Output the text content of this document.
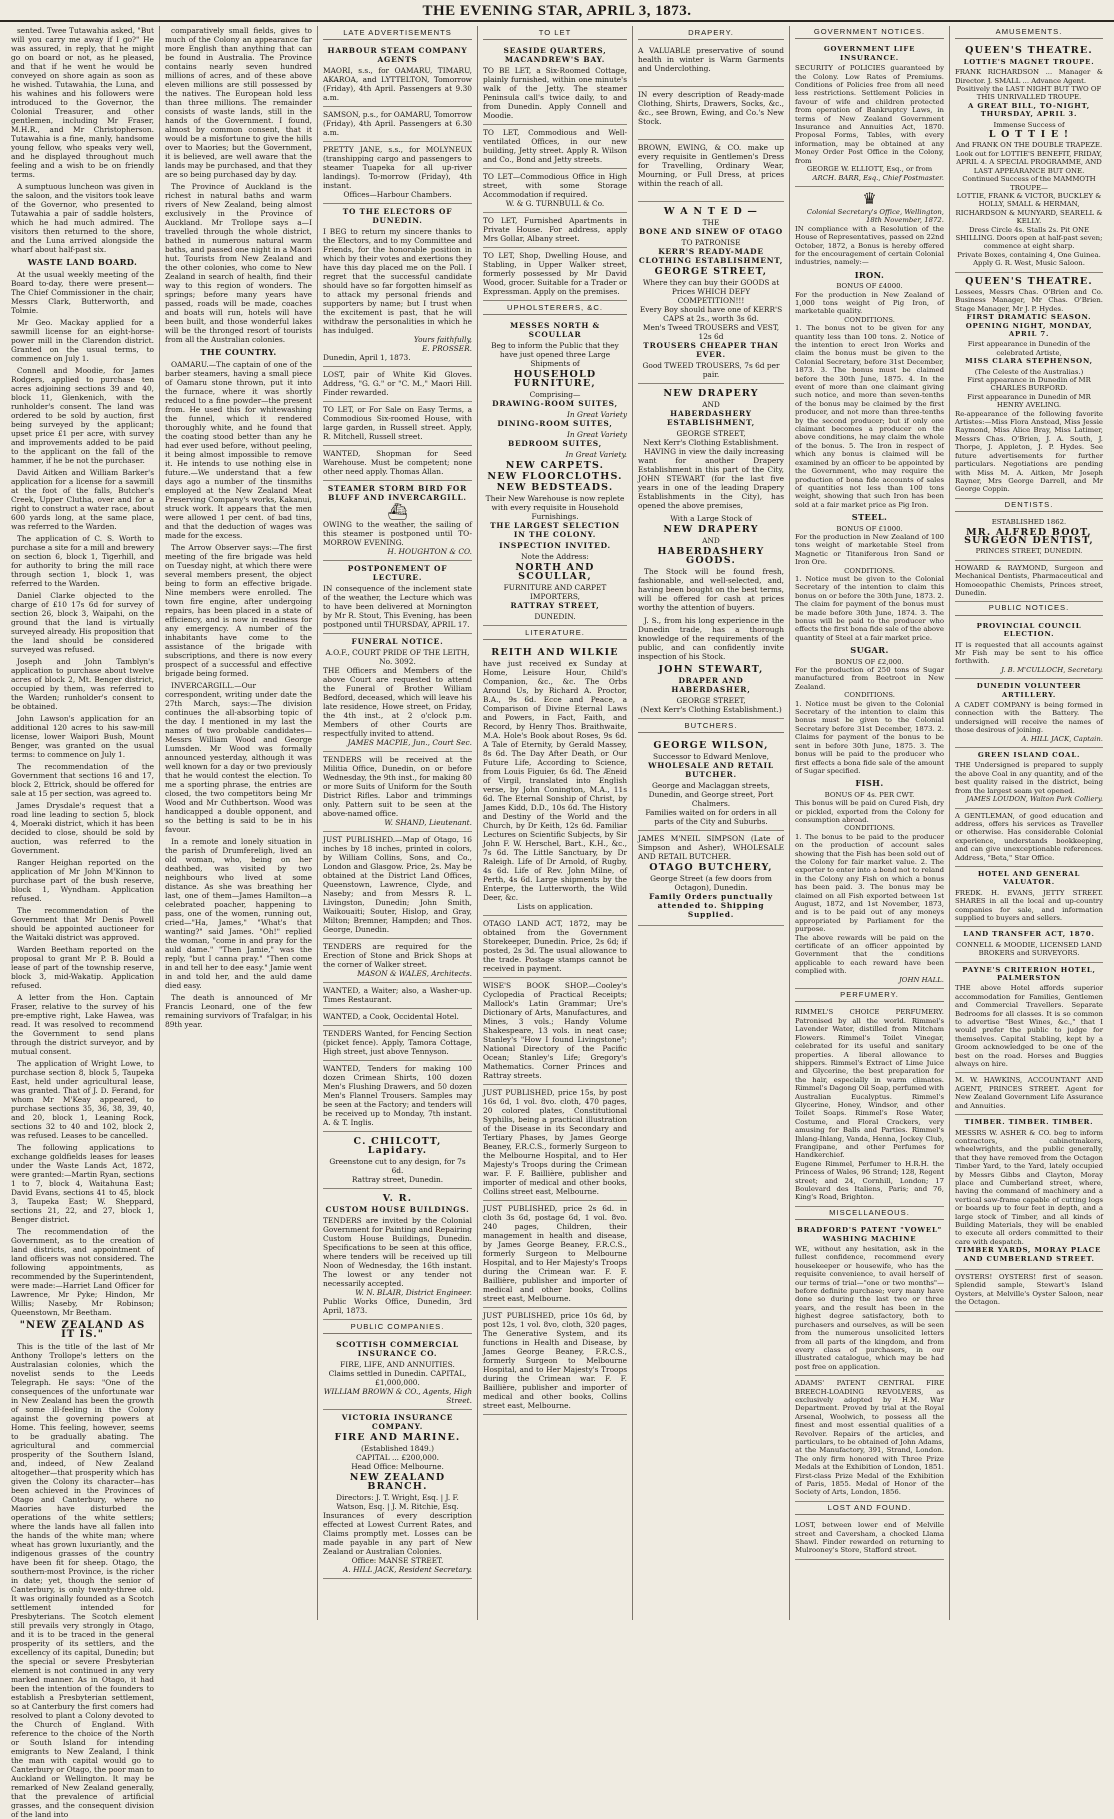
THE EVENING STAR, APRIL 3, 1873.

sented. Twee Tutawahia asked, "But will you carry me away if I go?" He was assured, in reply, that he might go on board or not, as he pleased, and that if he went he would be conveyed on shore again as soon as he wished. Tutawahia, the Luna, and his wahines and his followers were introduced to the Governor, the Colonial Treasurer, and other gentlemen, including Mr Fraser, M.H.R., and Mr Christopherson. Tutawahia is a fine, manly, handsome young fellow, who speaks very well, and he displayed throughout much feeling and a wish to be on friendly terms.

A sumptuous luncheon was given in the saloon, and the visitors took leave of the Governor, who presented to Tutawahia a pair of saddle holsters, which he had much admired. The visitors then returned to the shore, and the Luna arrived alongside the wharf about half-past six.

WASTE LAND BOARD.

At the usual weekly meeting of the Board to-day, there were present—The Chief Commissioner in the chair, Messrs Clark, Butterworth, and Tolmie.

Mr Geo. Mackay applied for a sawmill license for an eight-horse-power mill in the Clarendon district. Granted on the usual terms, to commence on July 1.

Connell and Moodie, for James Rodgers, applied to purchase ten acres adjoining sections 39 and 40, block 11, Glenkenich, with the runholder's consent. The land was ordered to be sold by auction, first being surveyed by the applicant; upset price £1 per acre, with survey and improvements added to be paid to the applicant on the fall of the hammer, if he be not the purchaser.

David Aitken and William Barker's application for a license for a sawmill at the foot of the falls, Butcher's Creek, Upper Clutha, over and for a right to construct a water race, about 600 yards long, at the same place, was referred to the Warden.

The application of C. S. Worth to purchase a site for a mill and brewery on section 6, block 1, Tigerhill, and for authority to bring the mill race through section 1, block 1, was referred to the Warden.

Daniel Clarke objected to the charge of £10 17s 6d for survey of section 26, block 3, Waipahi, on the ground that the land is virtually surveyed already. His proposition that the land should be considered surveyed was refused.

Joseph and John Tamblyn's application to purchase about twelve acres of block 2, Mt. Benger district, occupied by them, was referred to the Warden; runholder's consent to be obtained.

John Lawson's application for an additional 120 acres to his saw-mill license, lower Waipori Bush, Mount Benger, was granted on the usual terms: to commence on July 1.

The recommendation of the Government that sections 16 and 17, block 2, Ettrick, should be offered for sale at 15 per section, was agreed to.

James Drysdale's request that a road line leading to section 5, block 4, Moeraki district, which it has been decided to close, should be sold by auction, was referred to the Government.

Ranger Heighan reported on the application of Mr John M'Kinnon to purchase part of the bush reserve, block 1, Wyndham. Application refused.

The recommendation of the Government that Mr Denis Powell should be appointed auctioneer for the Waitaki district was approved.

Warden Beetham reported on the proposal to grant Mr P. B. Bould a lease of part of the township reserve, block 3, mid-Wakatip. Application refused.

A letter from the Hon. Captain Fraser, relative to the survey of his pre-emptive right, Lake Hawea, was read. It was resolved to recommend the Government to send plans through the district surveyor, and by mutual consent.

The application of Wright Lowe, to purchase section 8, block 5, Taupeka East, held under agricultural lease, was granted. That of J. D. Ferand, for whom Mr M'Keay appeared, to purchase sections 35, 36, 38, 39, 40, and 20, block 1, Leaning Rock, sections 32 to 40 and 102, block 2, was refused. Leases to be cancelled.

The following applications to exchange goldfields leases for leases under the Waste Lands Act, 1872, were granted:—Martin Ryan, sections 1 to 7, block 4, Waitahuna East; David Evans, sections 41 to 45, block 3, Taupeka East; W. Sheppard, sections 21, 22, and 27, block 1, Benger district.

The recommendation of the Government, as to the creation of land districts, and appointment of land officers was not considered. The following appointments, as recommended by the Superintendent, were made:—Harriet Land Officer for Lawrence, Mr Pyke; Hindon, Mr Willis; Naseby, Mr Robinson; Queenstown, Mr Beetham.

"NEW ZEALAND AS IT IS."

This is the title of the last of Mr Anthony Trollope's letters on the Australasian colonies, which the novelist sends to the Leeds Telegraph. He says: "One of the consequences of the unfortunate war in New Zealand has been the growth of some ill-feeling in the Colony against the governing powers at Home. This feeling, however, seems to be gradually abating. The agricultural and commercial prosperity of the Southern Island, and, indeed, of New Zealand altogether—that prosperity which has given the Colony its character—has been achieved in the Provinces of Otago and Canterbury, where no Maories have disturbed the operations of the white settlers; where the lands have all fallen into the hands of the white man; where wheat has grown luxuriantly, and the indigenous grasses of the country have been fit for sheep. Otago, the southern-most Province, is the richer in date; yet, though the senior of Canterbury, is only twenty-three old. It was originally founded as a Scotch settlement intended for Presbyterians. The Scotch element still prevails very strongly in Otago, and it is to be traced in the general prosperity of its settlers, and the excellency of its capital, Dunedin; but the special or severe Presbyterian element is not continued in any very marked manner. As in Otago, it had been the intention of the founders to establish a Presbyterian settlement, so at Canterbury the first comers had resolved to plant a Colony devoted to the Church of England. With reference to the choice of the North or South Island for intending emigrants to New Zealand, I think the man with capital would go to Canterbury or Otago, the poor man to Auckland or Wellington. It may be remarked of New Zealand generally, that the prevalence of artificial grasses, and the consequent division of the land into

comparatively small fields, gives to much of the Colony an appearance far more English than anything that can be found in Australia. The Province contains nearly seven hundred millions of acres, and of these above eleven millions are still possessed by the natives. The European hold less than three millions. The remainder consists of waste lands, still in the hands of the Government. I found, almost by common consent, that it would be a misfortune to give the hills over to Maories; but the Government, it is believed, are well aware that the lands may be purchased, and that they are so being purchased day by day.

The Province of Auckland is the richest in natural baths and warm rivers of New Zealand, being almost exclusively in the Province of Auckland. Mr Trollope says a—I travelled through the whole district, bathed in numerous natural warm baths, and passed one night in a Maori hut. Tourists from New Zealand and the other colonies, who come to New Zealand in search of health, find their way to this region of wonders. The springs; before many years have passed, roads will be made, coaches and boats will run, hotels will have been built, and those wonderful lakes will be the thronged resort of tourists from all the Australian colonies.

THE COUNTRY.

OAMARU.—The captain of one of the barber steamers, having a small piece of Oamaru stone thrown, put it into the furnace, where it was shortly reduced to a fine powder—the present from. He used this for whitewashing the funnel, which it rendered thoroughly white, and he found that the coating stood better than any he had ever used before, without peeling, it being almost impossible to remove it. He intends to use nothing else in future.—We understand that a few days ago a number of the tinsmiths employed at the New Zealand Meat Preserving Company's works, Kakanui, struck work. It appears that the men were allowed 1 per cent. of bad tins, and that the deduction of wages was made for the excess.

The Arrow Observer says:—The first meeting of the fire brigade was held on Tuesday night, at which there were several members present, the object being to form an effective brigade. Nine members were enrolled. The town fire engine, after undergoing repairs, has been placed in a state of efficiency, and is now in readiness for any emergency. A number of the inhabitants have come to the assistance of the brigade with subscriptions, and there is now every prospect of a successful and effective brigade being formed.

INVERCARGILL.—Our correspondent, writing under date the 27th March, says:—The division continues the all-absorbing topic of the day. I mentioned in my last the names of two probable candidates—Messrs William Wood and George Lumsden. Mr Wood was formally announced yesterday, although it was well known for a day or two previously that he would contest the election. To me a sporting phrase, the entries are closed, the two competitors being Mr Wood and Mr Cuthbertson. Wood was handicapped a double opponent, and so the betting is said to be in his favour.

In a remote and lonely situation in the parish of Drumfereligh, lived an old woman, who, being on her deathbed, was visited by two neighbours who lived at some distance. As she was breathing her last, one of them—James Hamilton—a celebrated poacher, happening to pass, one of the women, running out, cried—"Ha, James," "What's that wanting?" said James. "Oh!" replied the woman, "come in and pray for the auld dame." "Then Jamie," was the reply, "but I canna pray." "Then come in and tell her to dee easy." Jamie went in and told her, and the auld dame died easy.

The death is announced of Mr Francis Leonard, one of the few remaining survivors of Trafalgar, in his 89th year.

LATE ADVERTISEMENTS
HARBOUR STEAM COMPANY AGENTS
MAORI, s.s., for OAMARU, TIMARU, AKAROA, and LYTTELTON, Tomorrow (Friday), 4th April. Passengers at 9.30 a.m.
SAMSON, p.s., for OAMARU, Tomorrow (Friday), 4th April. Passengers at 6.30 a.m.
PRETTY JANE, s.s., for MOLYNEUX (transhipping cargo and passengers to steamer Tuapeka for all up-river landings). To-morrow (Friday), 4th instant.
Offices—Harbour Chambers.
TO THE ELECTORS OF DUNEDIN.
I BEG to return my sincere thanks to the Electors, and to my Committee and Friends, for the honorable position in which by their votes and exertions they have this day placed me on the Poll. I regret that the successful candidate should have so far forgotten himself as to attack my personal friends and supporters by name; but I trust when the excitement is past, that he will withdraw the personalities in which he has indulged.
Yours faithfully,
E. PROSSER.
Dunedin, April 1, 1873.
LOST, pair of White Kid Gloves. Address, "G. G." or "C. M.," Maori Hill. Finder rewarded.
TO LET, or For Sale on Easy Terms, a Commodious Six-roomed House, with large garden, in Russell street. Apply, R. Mitchell, Russell street.
WANTED, Shopman for Seed Warehouse. Must be competent; none other need apply. Thomas Allan.
STEAMER STORM BIRD FOR BLUFF AND INVERCARGILL.
⛴
OWING to the weather, the sailing of this steamer is postponed until TO-MORROW EVENING.
H. HOUGHTON & CO.
POSTPONEMENT OF LECTURE.
IN consequence of the inclement state of the weather, the Lecture which was to have been delivered at Mornington by Mr R. Stout, This Evening, has been postponed until THURSDAY, APRIL 17.
FUNERAL NOTICE.
A.O.F., COURT PRIDE OF THE LEITH, No. 3092.
THE Officers and Members of the above Court are requested to attend the Funeral of Brother William Bedford, deceased, which will leave his late residence, Howe street, on Friday, the 4th inst., at 2 o'clock p.m. Members of other Courts are respectfully invited to attend.
JAMES MACPIE, Jun., Court Sec.
TENDERS will be received at the Militia Office, Dunedin, on or before Wednesday, the 9th inst., for making 80 or more Suits of Uniform for the South District Rifles. Labor and trimmings only. Pattern suit to be seen at the above-named office.
W. SHAND, Lieutenant.
JUST PUBLISHED.—Map of Otago, 16 inches by 18 inches, printed in colors, by William Collins, Sons, and Co., London and Glasgow. Price, 2s. May be obtained at the District Land Offices, Queenstown, Lawrence, Clyde, and Naseby; and from Messrs R. L. Livingston, Dunedin; John Smith, Waikouaiti; Souter, Hislop, and Gray, Milton; Bremner, Hampden; and Thos. George, Dunedin.
TENDERS are required for the Erection of Stone and Brick Shops at the corner of Walker street.
MASON & WALES, Architects.
WANTED, a Waiter; also, a Washer-up. Times Restaurant.
WANTED, a Cook, Occidental Hotel.
TENDERS Wanted, for Fencing Section (picket fence). Apply, Tamora Cottage, High street, just above Tennyson.
WANTED, Tenders for making 100 dozen Crimean Shirts, 100 dozen Men's Flushing Drawers, and 50 dozen Men's Flannel Trousers. Samples may be seen at the Factory; and tenders will be received up to Monday, 7th instant. A. & T. Inglis.
C. CHILCOTT, Lapidary.
Greenstone cut to any design, for 7s 6d.
Rattray street, Dunedin.
V. R.
CUSTOM HOUSE BUILDINGS.
TENDERS are invited by the Colonial Government for Painting and Repairing Custom House Buildings, Dunedin. Specifications to be seen at this office, where tenders will be received up till Noon of Wednesday, the 16th instant. The lowest or any tender not necessarily accepted.
W. N. BLAIR, District Engineer.
Public Works Office, Dunedin, 3rd April, 1873.
PUBLIC COMPANIES.
SCOTTISH COMMERCIAL INSURANCE CO.
FIRE, LIFE, AND ANNUITIES.
Claims settled in Dunedin. CAPITAL, £1,000,000.
WILLIAM BROWN & CO., Agents, High Street.
VICTORIA INSURANCE COMPANY.
FIRE AND MARINE.
(Established 1849.)
CAPITAL ... £200,000.
Head Office: Melbourne.
NEW ZEALAND BRANCH.
Directors: J. T. Wright, Esq. | J. F. Watson, Esq. | J. M. Ritchie, Esq.
Insurances of every description effected at Lowest Current Rates, and Claims promptly met. Losses can be made payable in any part of New Zealand or Australian Colonies.
Office: MANSE STREET.
A. HILL JACK, Resident Secretary.
TO LET
SEASIDE QUARTERS, MACANDREW'S BAY.
TO BE LET, a Six-Roomed Cottage, plainly furnished, within one minute's walk of the Jetty. The steamer Peninsula call's twice daily, to and from Dunedin. Apply Connell and Moodie.
TO LET, Commodious and Well-ventilated Offices, in our new building, Jetty street. Apply R. Wilson and Co., Bond and Jetty streets.
TO LET—Commodious Office in High street, with some Storage Accommodation if required.
W. & G. TURNBULL & Co.
TO LET, Furnished Apartments in Private House. For address, apply Mrs Gollar, Albany street.
TO LET, Shop, Dwelling House, and Stabling, in Upper Walker street, formerly possessed by Mr David Wood, grocer. Suitable for a Trader or Expressman. Apply on the premises.
UPHOLSTERERS, &C.
MESSES NORTH & SCOULLAR
Beg to inform the Public that they have just opened three Large Shipments of
HOUSEHOLD FURNITURE,
Comprising—
DRAWING-ROOM SUITES,
In Great Variety
DINING-ROOM SUITES,
In Great Variety
BEDROOM SUITES,
In Great Variety.
NEW CARPETS.
NEW FLOORCLOTHS.
NEW BEDSTEADS.
Their New Warehouse is now replete with every requisite in Household Furnishings.
THE LARGEST SELECTION IN THE COLONY.
INSPECTION INVITED.
Note the Address:
NORTH AND SCOULLAR,
FURNITURE AND CARPET IMPORTERS,
RATTRAY STREET,
DUNEDIN.
LITERATURE.
REITH AND WILKIE
have just received ex Sunday at Home, Leisure Hour, Child's Companion, &c., &c. The Orbs Around Us, by Richard A. Proctor, B.A., 9s 6d. Ecce and Peace, a Comparison of Divine Eternal Laws and Powers, in Fact, Faith, and Record, by Henry Thos. Braithwaite, M.A. Hole's Book about Roses, 9s 6d. A Tale of Eternity, by Gerald Massey, 8s 6d. The Day After Death, or Our Future Life, According to Science, from Louis Figuier, 6s 6d. The Æneid of Virgil, translated into English verse, by John Conington, M.A., 11s 6d. The Eternal Sonship of Christ, by James Kidd, D.D., 10s 6d. The History and Destiny of the World and the Church, by Dr Keith, 12s 6d. Familiar Lectures on Scientific Subjects, by Sir John F. W. Herschel, Bart., K.H., &c., 7s 6d. The Little Sanctuary, by Dr Raleigh. Life of Dr Arnold, of Rugby, 4s 6d. Life of Rev. John Milne, of Perth, 4s 6d. Large shipments by the Enterpe, the Lutterworth, the Wild Deer, &c.
Lists on application.
OTAGO LAND ACT, 1872, may be obtained from the Government Storekeeper, Dunedin. Price, 2s 6d; if posted, 2s 3d. The usual allowance to the trade. Postage stamps cannot be received in payment.
WISE'S BOOK SHOP.—Cooley's Cyclopedia of Practical Receipts; Mallock's Latin Grammar; Ure's Dictionary of Arts, Manufactures, and Mines, 3 vols.; Handy Volume Shakespeare, 13 vols. in neat case; Stanley's "How I found Livingstone"; National Directory of the Pacific Ocean; Stanley's Life; Gregory's Mathematics. Corner Princes and Rattray streets.
JUST PUBLISHED, price 15s, by post 16s 6d, 1 vol. 8vo. cloth, 470 pages, 20 colored plates, Constitutional Syphilis, being a practical illustration of the Disease in its Secondary and Tertiary Phases, by James George Beaney, F.R.C.S., formerly Surgeon to the Melbourne Hospital, and to Her Majesty's Troops during the Crimean war. F. F. Baillière, publisher and importer of medical and other books, Collins street east, Melbourne.
JUST PUBLISHED, price 2s 6d. in cloth 3s 6d, postage 6d, 1 vol. 8vo. 240 pages, Children, their management in health and disease, by James George Beaney, F.R.C.S., formerly Surgeon to Melbourne Hospital, and to Her Majesty's Troops during the Crimean war. F. F. Baillière, publisher and importer of medical and other books, Collins street east, Melbourne.
JUST PUBLISHED, price 10s 6d, by post 12s, 1 vol. 8vo, cloth, 320 pages, The Generative System, and its functions in Health and Disease, by James George Beaney, F.R.C.S., formerly Surgeon to Melbourne Hospital, and to Her Majesty's Troops during the Crimean war. F. F. Baillière, publisher and importer of medical and other books, Collins street east, Melbourne.
DRAPERY.

A VALUABLE preservative of sound health in winter is Warm Garments and Underclothing.

IN every description of Ready-made Clothing, Shirts, Drawers, Socks, &c., &c., see Brown, Ewing, and Co.'s New Stock.

BROWN, EWING, & CO. make up every requisite in Gentlemen's Dress for Travelling, Ordinary Wear, Mourning, or Full Dress, at prices within the reach of all.

W A N T E D —
THE
BONE AND SINEW OF OTAGO
TO PATRONISE
KERR'S READY-MADE CLOTHING ESTABLISHMENT,
GEORGE STREET,
Where they can buy their GOODS at Prices WHICH DEFY COMPETITION!!!
Every Boy should have one of KERR'S CAPS at 2s., worth 3s 6d.
Men's Tweed TROUSERS and VEST, 12s 6d
TROUSERS CHEAPER THAN EVER.
Good TWEED TROUSERS, 7s 6d per pair.
NEW DRAPERY
AND
HABERDASHERY ESTABLISHMENT,
GEORGE STREET,
Next Kerr's Clothing Establishment.

HAVING in view the daily increasing want for another Drapery Establishment in this part of the City, JOHN STEWART (for the last five years in one of the leading Drapery Establishments in the City), has opened the above premises,

With a Large Stock of
NEW DRAPERY
AND
HABERDASHERY GOODS.

The Stock will be found fresh, fashionable, and well-selected, and, having been bought on the best terms, will be offered for cash at prices worthy the attention of buyers.

J. S., from his long experience in the Dunedin trade, has a thorough knowledge of the requirements of the public, and can confidently invite inspection of his Stock.

JOHN STEWART,
DRAPER AND HABERDASHER,
GEORGE STREET,
(Next Kerr's Clothing Establishment.)
BUTCHERS.
GEORGE WILSON,
Successor to Edward Menlove,
WHOLESALE AND RETAIL BUTCHER.
George and Maclaggan streets, Dunedin, and George street, Port Chalmers.
Families waited on for orders in all parts of the City and Suburbs.
JAMES M'NEIL SIMPSON (Late of Simpson and Asher), WHOLESALE AND RETAIL BUTCHER.
OTAGO BUTCHERY,
George Street (a few doors from Octagon), Dunedin.
Family Orders punctually attended to. Shipping Supplied.
GOVERNMENT NOTICES.
GOVERNMENT LIFE INSURANCE.
SECURITY of POLICIES guaranteed by the Colony. Low Rates of Premiums. Conditions of Policies free from all need less restrictions. Settlement Policies in favour of wife and children protected from operation of Bankruptcy Laws, in terms of New Zealand Government Insurance and Annuities Act, 1870. Proposal Forms, Tables, with every information, may be obtained at any Money Order Post Office in the Colony, from
GEORGE W. ELLIOTT, Esq., or from
ARCH. BARR, Esq., Chief Postmaster.
♛
Colonial Secretary's Office, Wellington, 18th November, 1872.
IN compliance with a Resolution of the House of Representatives, passed on 22nd October, 1872, a Bonus is hereby offered for the encouragement of certain Colonial industries, namely:—
IRON.
BONUS OF £4000.
For the production in New Zealand of 1,000 tons weight of Pig Iron, of marketable quality.
CONDITIONS.
1. The bonus not to be given for any quantity less than 100 tons. 2. Notice of the intention to erect Iron Works and claim the bonus must be given to the Colonial Secretary, before 31st December, 1873. 3. The bonus must be claimed before the 30th June, 1875. 4. In the event of more than one claimant giving such notice, and more than seven-tenths of the bonus may be claimed by the first producer, and not more than three-tenths by the second producer; but if only one claimant becomes a producer on the above conditions, he may claim the whole of the bonus. 5. The Iron in respect of which any bonus is claimed will be examined by an officer to be appointed by the Government, who may require the production of bona fide accounts of sales of quantities not less than 100 tons weight, showing that such Iron has been sold at a fair market price as Pig Iron.
STEEL.
BONUS OF £1000.
For the production in New Zealand of 100 tons weight of marketable Steel from Magnetic or Titaniferous Iron Sand or Iron Ore.
CONDITIONS.
1. Notice must be given to the Colonial Secretary of the intention to claim this bonus on or before the 30th June, 1873. 2. The claim for payment of the bonus must be made before 30th June, 1874. 3. The bonus will be paid to the producer who effects the first bona fide sale of the above quantity of Steel at a fair market price.
SUGAR.
BONUS OF £2,000.
For the production of 250 tons of Sugar manufactured from Beetroot in New Zealand.
CONDITIONS.
1. Notice must be given to the Colonial Secretary of the intention to claim this bonus must be given to the Colonial Secretary before 31st December, 1873. 2. Claims for payment of the bonus to be sent in before 30th June, 1875. 3. The bonus will be paid to the producer who first effects a bona fide sale of the amount of Sugar specified.
FISH.
BONUS OF 4s. PER CWT.
This bonus will be paid on Cured Fish, dry or pickled, exported from the Colony for consumption abroad.
CONDITIONS.
1. The bonus to be paid to the producer on the production of account sales showing that the Fish has been sold out of the Colony for fair market value. 2. The exporter to enter into a bond not to reland in the Colony any Fish on which a bonus has been paid. 3. The bonus may be claimed on all Fish exported between 1st August, 1872, and 1st November, 1873, and is to be paid out of any moneys appropriated by Parliament for the purpose.
The above rewards will be paid on the certificate of an officer appointed by Government that the conditions applicable to each reward have been complied with.
JOHN HALL.
PERFUMERY.
RIMMEL'S CHOICE PERFUMERY. Patronised by all the world. Rimmel's Lavender Water, distilled from Mitcham Flowers. Rimmel's Toilet Vinegar, celebrated for its useful and sanitary properties. A liberal allowance to shippers. Rimmel's Extract of Lime Juice and Glycerine, the best preparation for the hair, especially in warm climates. Rimmel's Dagong Oil Soap, perfumed with Australian Eucalyptus. Rimmel's Glycerine, Honey, Windsor, and other Toilet Soaps. Rimmel's Rose Water, Costume, and Floral Crackers, very amusing for Balls and Parties. Rimmel's Ihlang-Ihlang, Vanda, Henna, Jockey Club, Frangipane, and other Perfumes for Handkerchief.
Eugene Rimmel, Perfumer to H.R.H. the Princess of Wales, 96 Strand; 128, Regent street; and 24, Cornhill, London; 17 Boulevard des Italiens, Paris; and 76, King's Road, Brighton.
MISCELLANEOUS.
BRADFORD'S PATENT "VOWEL" WASHING MACHINE
WE, without any hesitation, ask in the fullest confidence, recommend every housekeeper or housewife, who has the requisite convenience, to avail herself of our terms of trial—"one or two months"—before definite purchase; very many have done so during the last two or three years, and the result has been in the highest degree satisfactory, both to purchasers and ourselves, as will be seen from the numerous unsolicited letters from all parts of the kingdom, and from every class of purchasers, in our illustrated catalogue, which may be had post free on application.
ADAMS' PATENT CENTRAL FIRE BREECH-LOADING REVOLVERS, as exclusively adopted by H.M. War Department. Proved by trial at the Royal Arsenal, Woolwich, to possess all the finest and most essential qualities of a Revolver. Repairs of the articles, and particulars, to be obtained of John Adams, at the Manufactory, 391, Strand, London. The only firm honored with Three Prize Medals at the Exhibition of London, 1851. First-class Prize Medal of the Exhibition of Paris, 1855. Medal of Honor of the Society of Arts, London, 1856.
LOST AND FOUND.
LOST, between lower end of Melville street and Caversham, a chocked Llama Shawl. Finder rewarded on returning to Mulrooney's Store, Stafford street.
AMUSEMENTS.
QUEEN'S THEATRE.
LOTTIE'S MAGNET TROUPE.
FRANK RICHARDSON ... Manager & Director. J. SMALL ... Advance Agent.
Positively the LAST NIGHT BUT TWO OF THIS UNRIVALLED TROUPE.
A GREAT BILL, TO-NIGHT, THURSDAY, APRIL 3.
Immense Success of
L O T T I E !
And FRANK ON THE DOUBLE TRAPEZE.
Look out for LOTTIE'S BENEFIT, FRIDAY, APRIL 4. A SPECIAL PROGRAMME, AND LAST APPEARANCE BUT ONE.
Continued Success of the MAMMOTH TROUPE—
LOTTIE, FRANK & VICTOR, BUCKLEY & HOLLY, SMALL & HERMAN, RICHARDSON & MUNYARD, SEARELL & KELLY.
Dress Circle 4s. Stalls 2s. Pit ONE SHILLING. Doors open at half-past seven; commence at eight sharp.
Private Boxes, containing 4, One Guinea. Apply G. R. West, Music Saloon.
QUEEN'S THEATRE.
Lessees, Messrs Chas. O'Brien and Co. Business Manager, Mr Chas. O'Brien. Stage Manager, Mr J. P. Hydes.
FIRST DRAMATIC SEASON. OPENING NIGHT, MONDAY, APRIL 7.
First appearance in Dunedin of the celebrated Artiste,
MISS CLARA STEPHENSON,
(The Celeste of the Australias.)
First appearance in Dunedin of MR CHARLES BURFORD.
First appearance in Dunedin of MR HENRY AVELING.
Re-appearance of the following favorite Artistes:—Miss Flora Anstead, Miss Jessie Raymond, Miss Alice Bray, Miss Latimer, Messrs Chas. O'Brien, J. A. South, J. Thorpe, J. Appleton, J. P. Hydes. See future advertisements for further particulars. Negotiations are pending with Miss M. A. Aitken, Mr Joseph Rayner, Mrs George Darrell, and Mr George Coppin.
DENTISTS.
ESTABLISHED 1862.
MR. ALFRED BOOT, SURGEON DENTIST,
PRINCES STREET, DUNEDIN.
HOWARD & RAYMOND, Surgeon and Mechanical Dentists, Pharmaceutical and Homoeopathic Chemists, Princes street, Dunedin.
PUBLIC NOTICES.
PROVINCIAL COUNCIL ELECTION.
IT is requested that all accounts against Mr Fish may be sent to his office forthwith.
J. B. M'CULLOCH, Secretary.
DUNEDIN VOLUNTEER ARTILLERY.
A CADET COMPANY is being formed in connection with the Battery. The undersigned will receive the names of those desirous of joining.
A. HILL JACK, Captain.
GREEN ISLAND COAL.
THE Undersigned is prepared to supply the above Coal in any quantity, and of the best quality raised in the district, being from the largest seam yet opened.
JAMES LOUDON, Walton Park Colliery.
A GENTLEMAN, of good education and address, offers his services as Traveller or otherwise. Has considerable Colonial experience, understands bookkeeping, and can give unexceptionable references. Address, "Beta," Star Office.
HOTEL AND GENERAL VALUATOR.
FREDK. H. EVANS, JETTY STREET. SHARES in all the local and up-country companies for sale, and information supplied to buyers and sellers.
LAND TRANSFER ACT, 1870.
CONNELL & MOODIE, LICENSED LAND BROKERS and SURVEYORS.
PAYNE'S CRITERION HOTEL, PALMERSTON
THE above Hotel affords superior accommodation for Families, Gentlemen and Commercial Travellers. Separate Bedrooms for all classes. It is so common to advertise "Best Wines, &c.," that I would prefer the public to judge for themselves. Capital Stabling, kept by a Groom acknowledged to be one of the best on the road. Horses and Buggies always on hire.
M. W. HAWKINS, ACCOUNTANT AND AGENT, PRINCES STREET. Agent for New Zealand Government Life Assurance and Annuities.
TIMBER. TIMBER. TIMBER.
MESSRS W. ASHER & CO. beg to inform contractors, cabinetmakers, wheelwrights, and the public generally, that they have removed from the Octagon Timber Yard, to the Yard, lately occupied by Messrs Gibbs and Clayton, Moray place and Cumberland street, where, having the command of machinery and a vertical saw-frame capable of cutting logs or boards up to four feet in depth, and a large stock of Timber, and all kinds of Building Materials, they will be enabled to execute all orders committed to their care with despatch.
TIMBER YARDS, MORAY PLACE AND CUMBERLAND STREET.
OYSTERS! OYSTERS! first of season. Splendid sample, Stewart's Island Oysters, at Melville's Oyster Saloon, near the Octagon.
